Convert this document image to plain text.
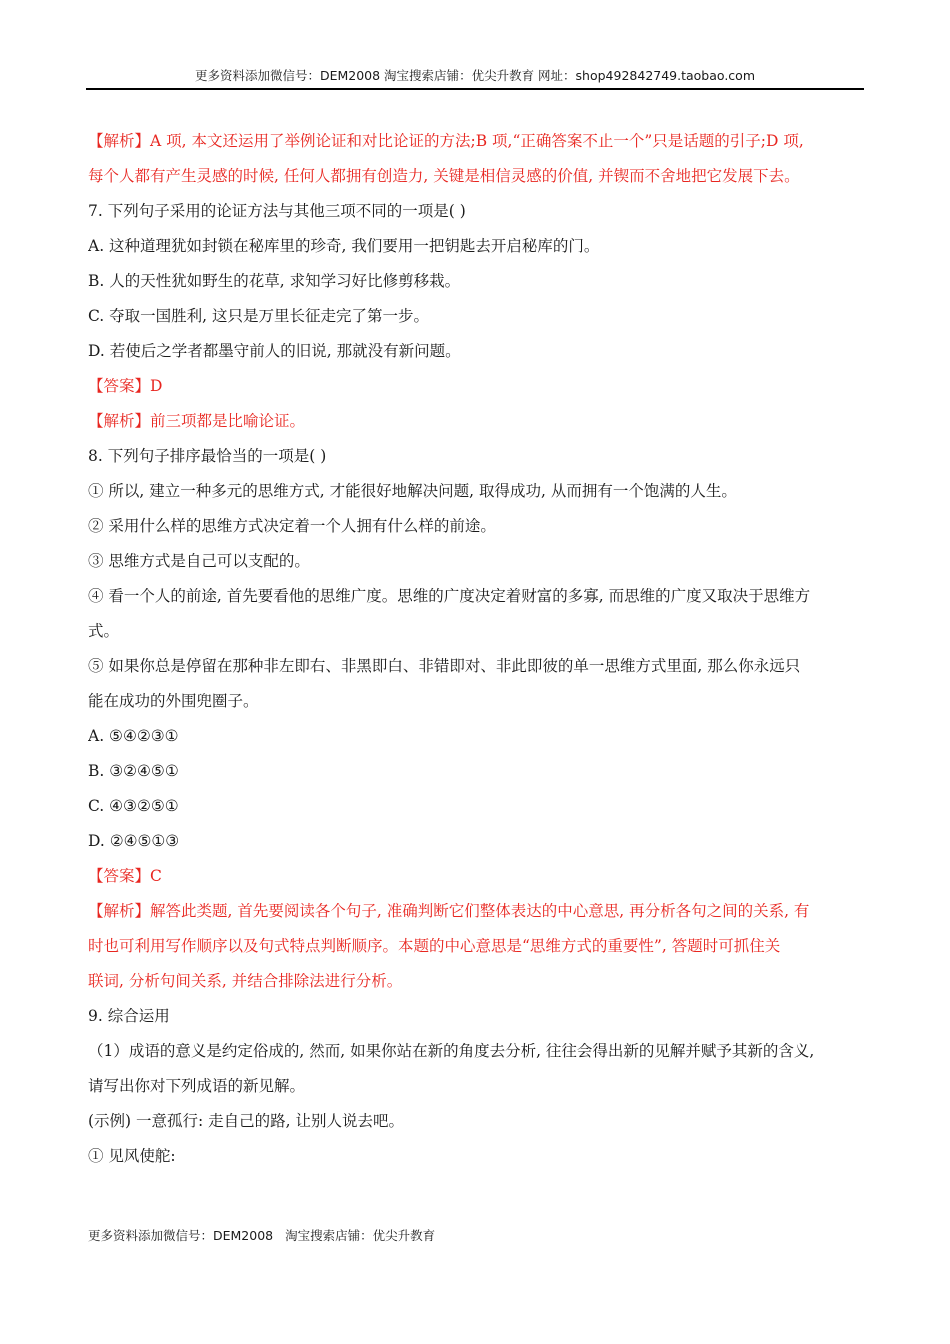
更多资料添加微信号：DEM2008 淘宝搜索店铺：优尖升教育 网址：shop492842749.taobao.com

【解析】A 项, 本文还运用了举例论证和对比论证的方法;B 项,“正确答案不止一个”只是话题的引子;D 项,

每个人都有产生灵感的时候, 任何人都拥有创造力, 关键是相信灵感的价值, 并锲而不舍地把它发展下去。

7. 下列句子采用的论证方法与其他三项不同的一项是( )

A. 这种道理犹如封锁在秘库里的珍奇, 我们要用一把钥匙去开启秘库的门。

B. 人的天性犹如野生的花草, 求知学习好比修剪移栽。

C. 夺取一国胜利, 这只是万里长征走完了第一步。

D. 若使后之学者都墨守前人的旧说, 那就没有新问题。

【答案】D

【解析】前三项都是比喻论证。

8. 下列句子排序最恰当的一项是( )

① 所以, 建立一种多元的思维方式, 才能很好地解决问题, 取得成功, 从而拥有一个饱满的人生。

② 采用什么样的思维方式决定着一个人拥有什么样的前途。

③ 思维方式是自己可以支配的。

④ 看一个人的前途, 首先要看他的思维广度。思维的广度决定着财富的多寡, 而思维的广度又取决于思维方

式。

⑤ 如果你总是停留在那种非左即右、非黑即白、非错即对、非此即彼的单一思维方式里面, 那么你永远只

能在成功的外围兜圈子。

A. ⑤④②③①

B. ③②④⑤①

C. ④③②⑤①

D. ②④⑤①③

【答案】C

【解析】解答此类题, 首先要阅读各个句子, 准确判断它们整体表达的中心意思, 再分析各句之间的关系, 有

时也可利用写作顺序以及句式特点判断顺序。本题的中心意思是“思维方式的重要性”, 答题时可抓住关

联词, 分析句间关系, 并结合排除法进行分析。

9. 综合运用

（1）成语的意义是约定俗成的, 然而, 如果你站在新的角度去分析, 往往会得出新的见解并赋予其新的含义,

请写出你对下列成语的新见解。

(示例) 一意孤行: 走自己的路, 让别人说去吧。

① 见风使舵:

更多资料添加微信号：DEM2008 淘宝搜索店铺：优尖升教育
